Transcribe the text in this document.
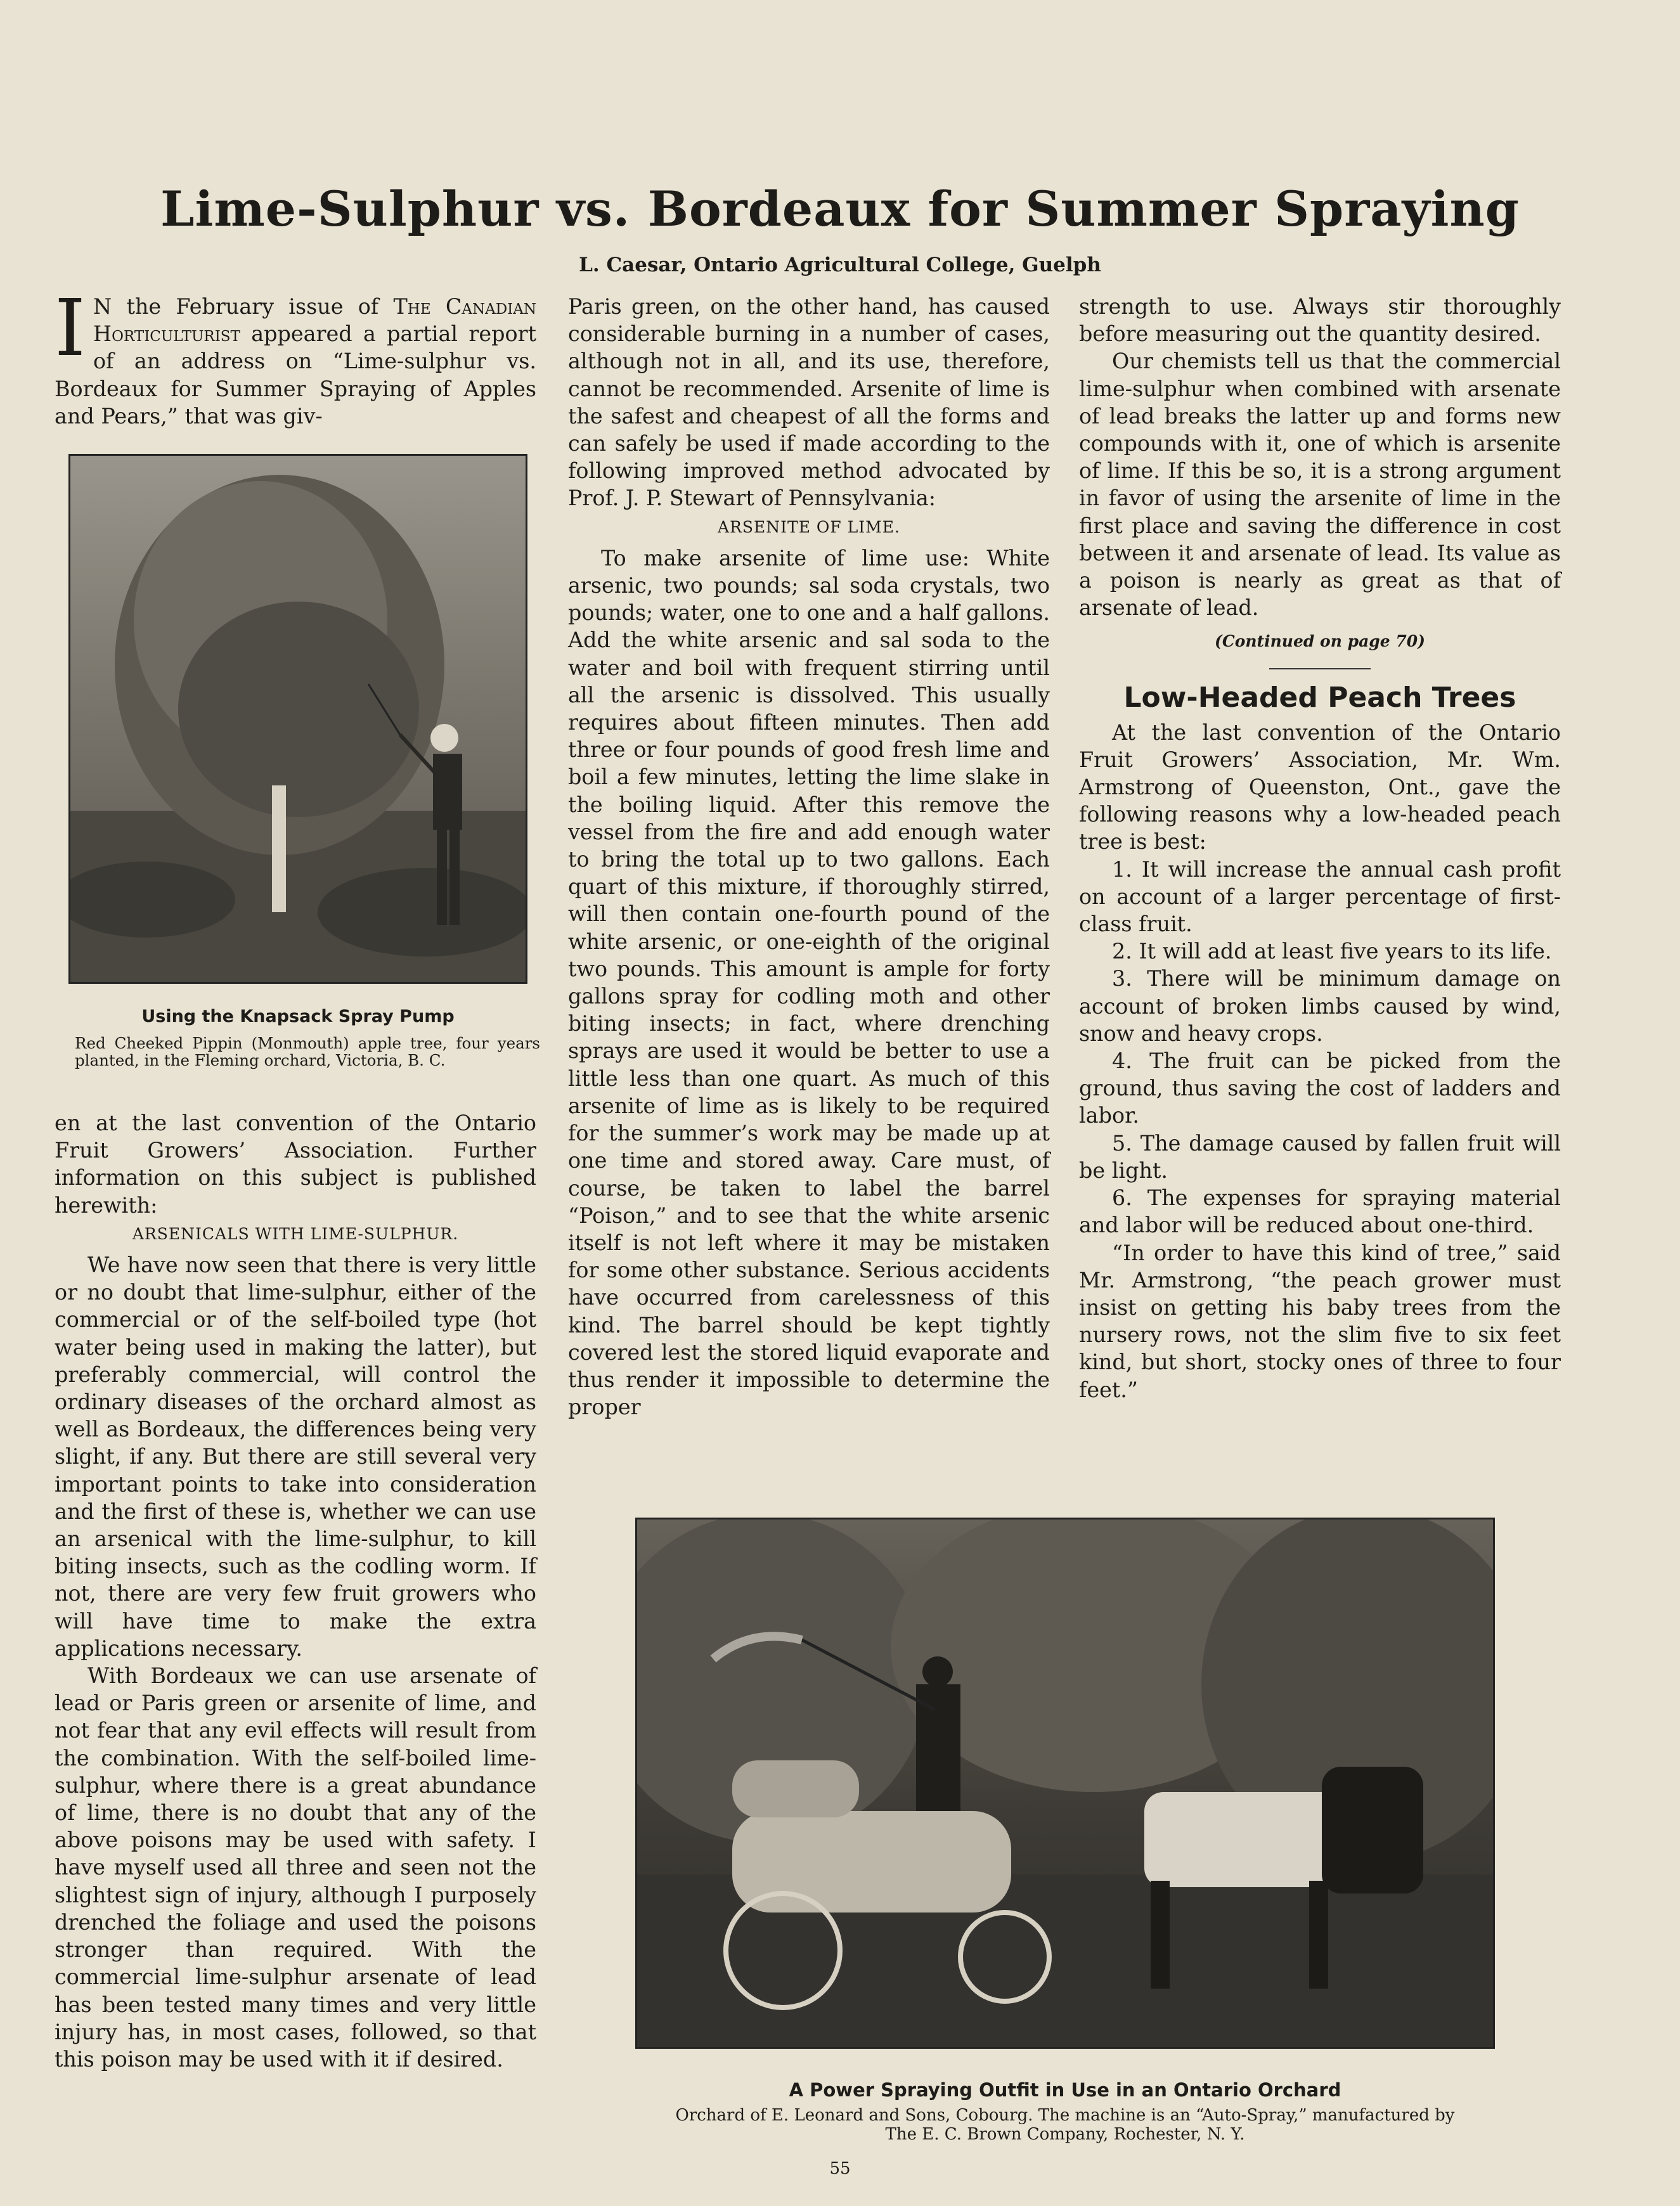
Lime-Sulphur vs. Bordeaux for Summer Spraying
L. Caesar, Ontario Agricultural College, Guelph

I N the February issue of The Canadian Horticulturist appeared a partial report of an address on “Lime-sulphur vs. Bordeaux for Summer Spraying of Apples and Pears,” that was giv-

Using the Knapsack Spray Pump
Red Cheeked Pippin (Monmouth) apple tree, four years planted, in the Fleming orchard, Victoria, B. C.

en at the last convention of the Ontario Fruit Growers’ Association. Further information on this subject is published herewith:

ARSENICALS WITH LIME-SULPHUR.

We have now seen that there is very little or no doubt that lime-sulphur, either of the commercial or of the self-boiled type (hot water being used in making the latter), but preferably commercial, will control the ordinary diseases of the orchard almost as well as Bordeaux, the differences being very slight, if any. But there are still several very important points to take into consideration and the first of these is, whether we can use an arsenical with the lime-sulphur, to kill biting insects, such as the codling worm. If not, there are very few fruit growers who will have time to make the extra applications necessary.

With Bordeaux we can use arsenate of lead or Paris green or arsenite of lime, and not fear that any evil effects will result from the combination. With the self-boiled lime-sulphur, where there is a great abundance of lime, there is no doubt that any of the above poisons may be used with safety. I have myself used all three and seen not the slightest sign of injury, although I purposely drenched the foliage and used the poisons stronger than required. With the commercial lime-sulphur arsenate of lead has been tested many times and very little injury has, in most cases, followed, so that this poison may be used with it if desired.

Paris green, on the other hand, has caused considerable burning in a number of cases, although not in all, and its use, therefore, cannot be recommended. Arsenite of lime is the safest and cheapest of all the forms and can safely be used if made according to the following improved method advocated by Prof. J. P. Stewart of Pennsylvania:

ARSENITE OF LIME.

To make arsenite of lime use: White arsenic, two pounds; sal soda crystals, two pounds; water, one to one and a half gallons. Add the white arsenic and sal soda to the water and boil with frequent stirring until all the arsenic is dissolved. This usually requires about fifteen minutes. Then add three or four pounds of good fresh lime and boil a few minutes, letting the lime slake in the boiling liquid. After this remove the vessel from the fire and add enough water to bring the total up to two gallons. Each quart of this mixture, if thoroughly stirred, will then contain one-fourth pound of the white arsenic, or one-eighth of the original two pounds. This amount is ample for forty gallons spray for codling moth and other biting insects; in fact, where drenching sprays are used it would be better to use a little less than one quart. As much of this arsenite of lime as is likely to be required for the summer’s work may be made up at one time and stored away. Care must, of course, be taken to label the barrel “Poison,” and to see that the white arsenic itself is not left where it may be mistaken for some other substance. Serious accidents have occurred from carelessness of this kind. The barrel should be kept tightly covered lest the stored liquid evaporate and thus render it impossible to determine the proper

strength to use. Always stir thoroughly before measuring out the quantity desired.

Our chemists tell us that the commercial lime-sulphur when combined with arsenate of lead breaks the latter up and forms new compounds with it, one of which is arsenite of lime. If this be so, it is a strong argument in favor of using the arsenite of lime in the first place and saving the difference in cost between it and arsenate of lead. Its value as a poison is nearly as great as that of arsenate of lead.

(Continued on page 70)
Low-Headed Peach Trees

At the last convention of the Ontario Fruit Growers’ Association, Mr. Wm. Armstrong of Queenston, Ont., gave the following reasons why a low-headed peach tree is best:

1. It will increase the annual cash profit on account of a larger percentage of first-class fruit.

2. It will add at least five years to its life.

3. There will be minimum damage on account of broken limbs caused by wind, snow and heavy crops.

4. The fruit can be picked from the ground, thus saving the cost of ladders and labor.

5. The damage caused by fallen fruit will be light.

6. The expenses for spraying material and labor will be reduced about one-third.

“In order to have this kind of tree,” said Mr. Armstrong, “the peach grower must insist on getting his baby trees from the nursery rows, not the slim five to six feet kind, but short, stocky ones of three to four feet.”

A Power Spraying Outfit in Use in an Ontario Orchard
Orchard of E. Leonard and Sons, Cobourg. The machine is an “Auto-Spray,” manufactured by
The E. C. Brown Company, Rochester, N. Y.
55
